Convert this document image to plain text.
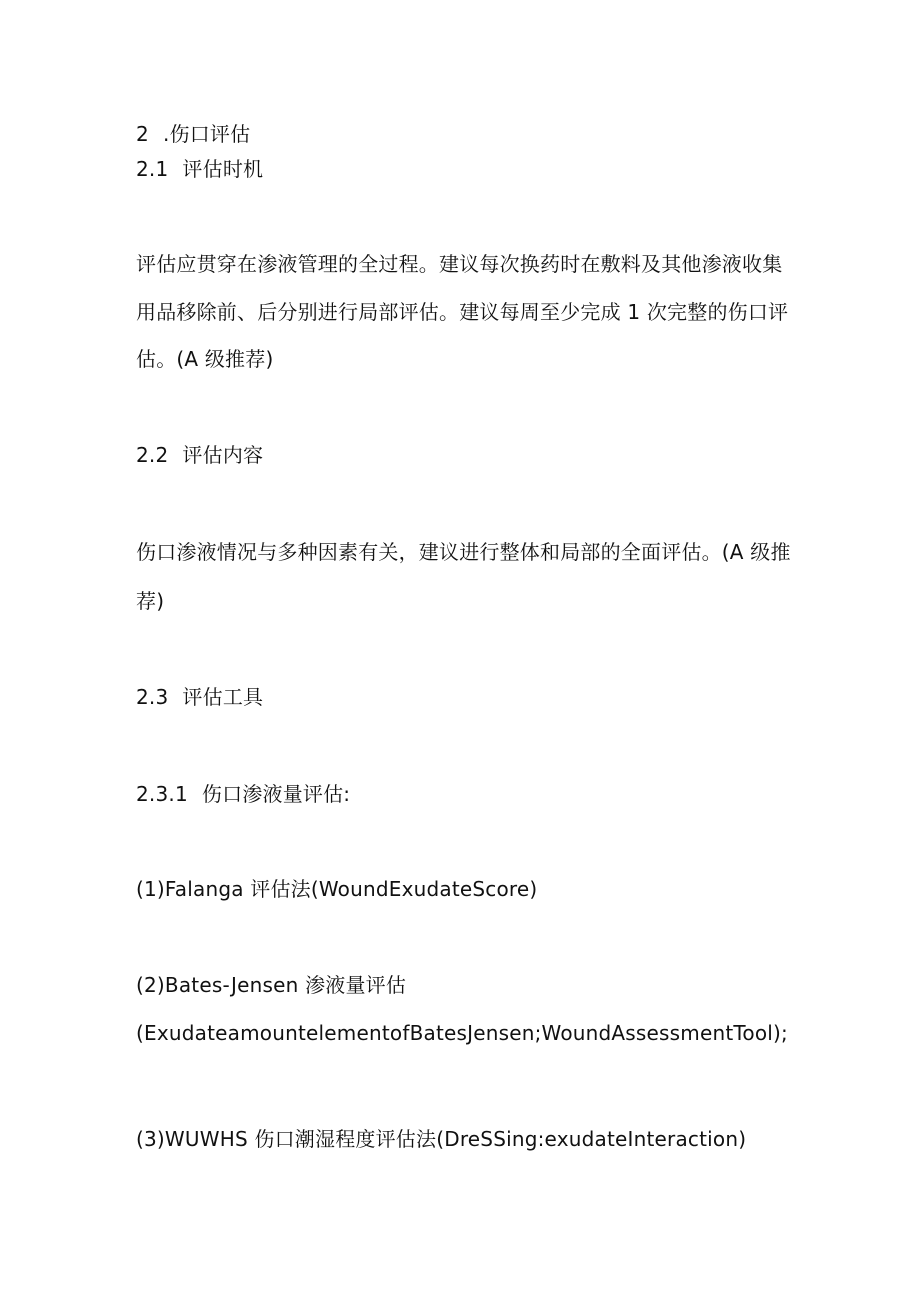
2 .伤口评估
2.1 评估时机
评估应贯穿在渗液管理的全过程。建议每次换药时在敷料及其他渗液收集
用品移除前、后分别进行局部评估。建议每周至少完成 1 次完整的伤口评
估。(A 级推荐)
2.2 评估内容
伤口渗液情况与多种因素有关，建议进行整体和局部的全面评估。(A 级推
荐)
2.3 评估工具
2.3.1 伤口渗液量评估:
(1)Falanga 评估法(WoundExudateScore)
(2)Bates-Jensen 渗液量评估
(ExudateamountelementofBatesJensen;WoundAssessmentTool);
(3)WUWHS 伤口潮湿程度评估法(DreSSing:exudateInteraction)
